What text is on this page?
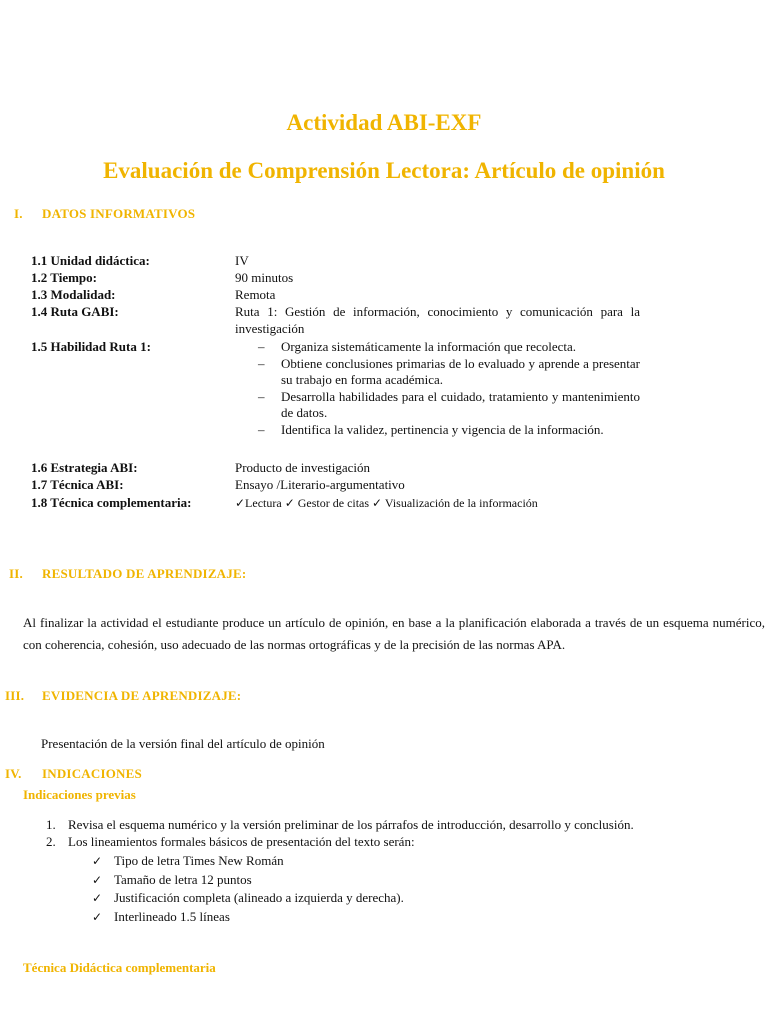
Actividad ABI-EXF
Evaluación de Comprensión Lectora: Artículo de opinión
I. DATOS INFORMATIVOS
1.1 Unidad didáctica:	IV
1.2 Tiempo:	90 minutos
1.3 Modalidad:	Remota
1.4 Ruta GABI:	Ruta 1: Gestión de información, conocimiento y comunicación para la investigación
1.5 Habilidad Ruta 1:	– Organiza sistemáticamente la información que recolecta.
– Obtiene conclusiones primarias de lo evaluado y aprende a presentar su trabajo en forma académica.
– Desarrolla habilidades para el cuidado, tratamiento y mantenimiento de datos.
– Identifica la validez, pertinencia y vigencia de la información.
1.6 Estrategia ABI:	Producto de investigación
1.7 Técnica ABI:	Ensayo /Literario-argumentativo
1.8 Técnica complementaria:	✓Lectura ✓ Gestor de citas ✓ Visualización de la información
II. RESULTADO DE APRENDIZAJE:

Al finalizar la actividad el estudiante produce un artículo de opinión, en base a la planificación elaborada a través de un esquema numérico, con coherencia, cohesión, uso adecuado de las normas ortográficas y de la precisión de las normas APA.

III. EVIDENCIA DE APRENDIZAJE:

Presentación de la versión final del artículo de opinión

IV. INDICACIONES
Indicaciones previas
1. Revisa el esquema numérico y la versión preliminar de los párrafos de introducción, desarrollo y conclusión.
2. Los lineamientos formales básicos de presentación del texto serán:
✓ Tipo de letra Times New Román
✓ Tamaño de letra 12 puntos
✓ Justificación completa (alineado a izquierda y derecha).
✓ Interlineado 1.5 líneas
Técnica Didáctica complementaria
